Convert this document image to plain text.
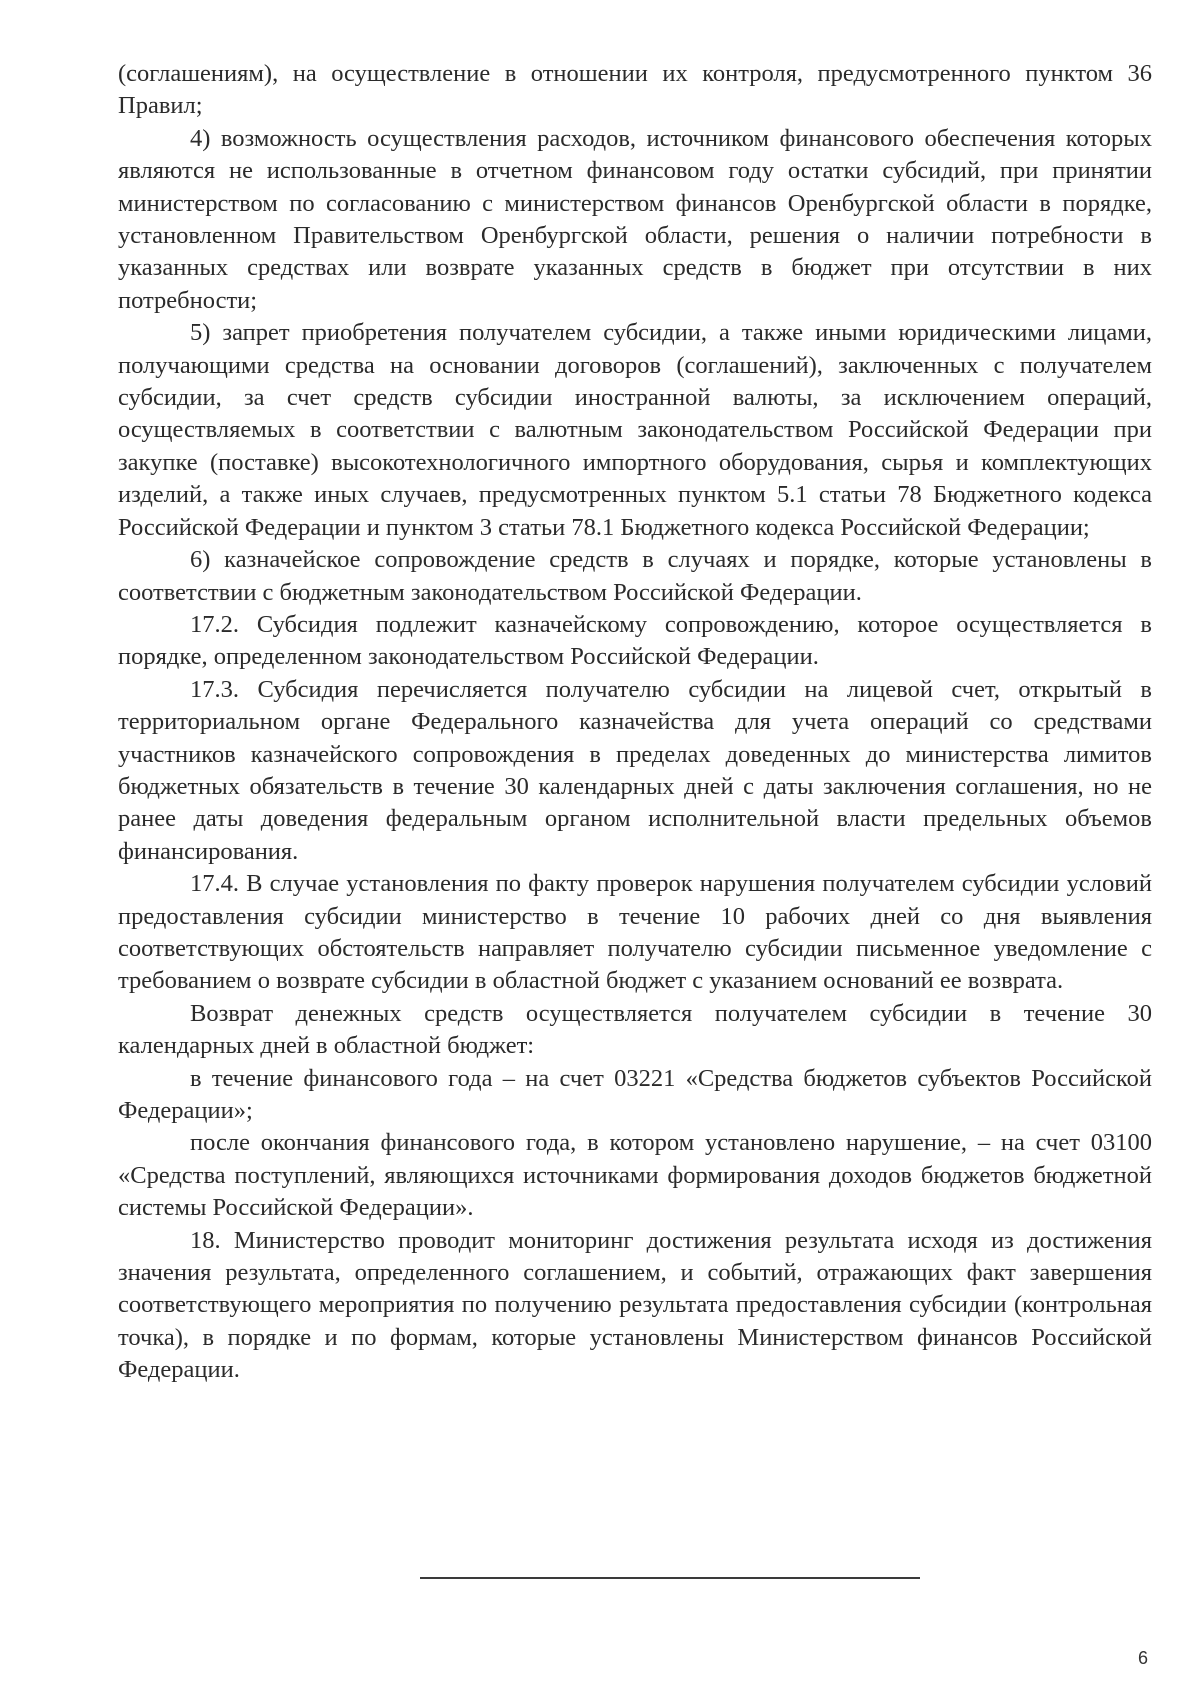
(соглашениям), на осуществление в отношении их контроля, предусмотренного пунктом 36 Правил;

4) возможность осуществления расходов, источником финансового обеспечения которых являются не использованные в отчетном финансовом году остатки субсидий, при принятии министерством по согласованию с министерством финансов Оренбургской области в порядке, установленном Правительством Оренбургской области, решения о наличии потребности в указанных средствах или возврате указанных средств в бюджет при отсутствии в них потребности;

5) запрет приобретения получателем субсидии, а также иными юридическими лицами, получающими средства на основании договоров (соглашений), заключенных с получателем субсидии, за счет средств субсидии иностранной валюты, за исключением операций, осуществляемых в соответствии с валютным законодательством Российской Федерации при закупке (поставке) высокотехнологичного импортного оборудования, сырья и комплектующих изделий, а также иных случаев, предусмотренных пунктом 5.1 статьи 78 Бюджетного кодекса Российской Федерации и пунктом 3 статьи 78.1 Бюджетного кодекса Российской Федерации;

6) казначейское сопровождение средств в случаях и порядке, которые установлены в соответствии с бюджетным законодательством Российской Федерации.

17.2. Субсидия подлежит казначейскому сопровождению, которое осуществляется в порядке, определенном законодательством Российской Федерации.

17.3. Субсидия перечисляется получателю субсидии на лицевой счет, открытый в территориальном органе Федерального казначейства для учета операций со средствами участников казначейского сопровождения в пределах доведенных до министерства лимитов бюджетных обязательств в течение 30 календарных дней с даты заключения соглашения, но не ранее даты доведения федеральным органом исполнительной власти предельных объемов финансирования.

17.4. В случае установления по факту проверок нарушения получателем субсидии условий предоставления субсидии министерство в течение 10 рабочих дней со дня выявления соответствующих обстоятельств направляет получателю субсидии письменное уведомление с требованием о возврате субсидии в областной бюджет с указанием оснований ее возврата.

Возврат денежных средств осуществляется получателем субсидии в течение 30 календарных дней в областной бюджет:

в течение финансового года – на счет 03221 «Средства бюджетов субъектов Российской Федерации»;

после окончания финансового года, в котором установлено нарушение, – на счет 03100 «Средства поступлений, являющихся источниками формирования доходов бюджетов бюджетной системы Российской Федерации».

18. Министерство проводит мониторинг достижения результата исходя из достижения значения результата, определенного соглашением, и событий, отражающих факт завершения соответствующего мероприятия по получению результата предоставления субсидии (контрольная точка), в порядке и по формам, которые установлены Министерством финансов Российской Федерации.

6
